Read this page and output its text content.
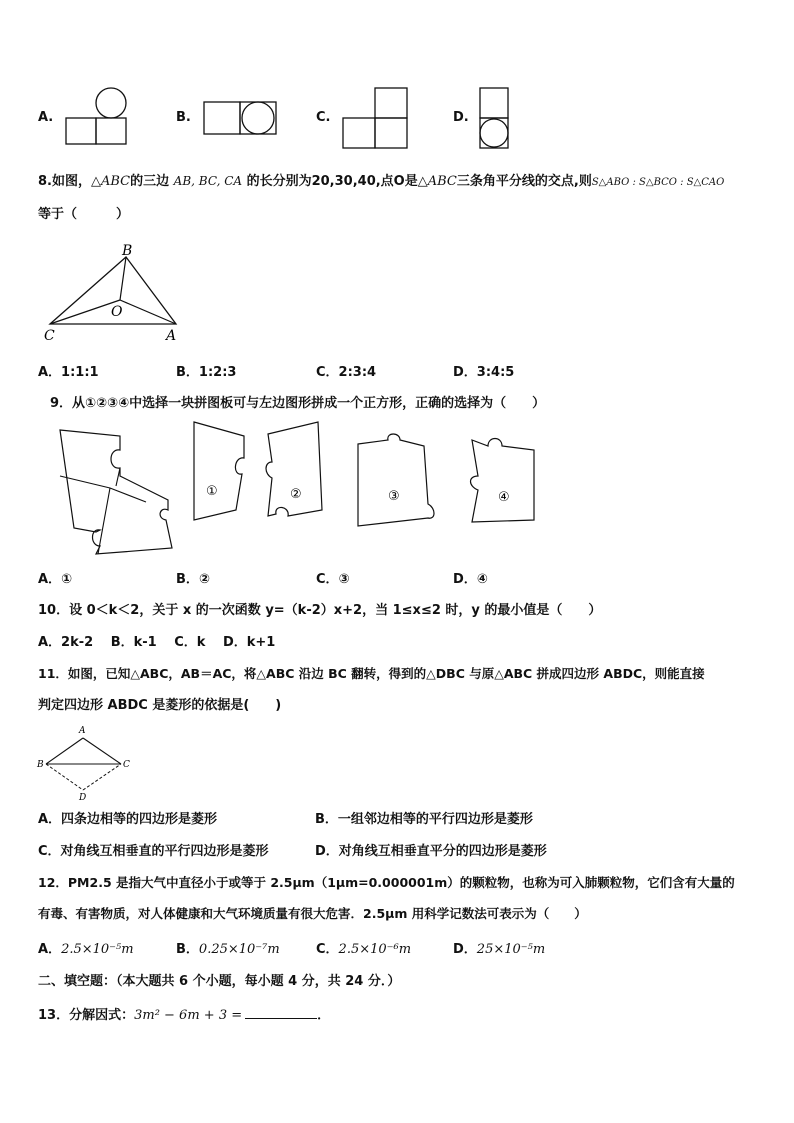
A.	B.	C.	D.
8.如图，△ABC的三边 AB, BC, CA 的长分别为20,30,40,点O是△ABC三条角平分线的交点,则S△ABO : S△BCO : S△CAO
等于（　　　）
B
O
C	A
A．1:1:1	B．1:2:3	C．2:3:4	D．3:4:5
9．从①②③④中选择一块拼图板可与左边图形拼成一个正方形，正确的选择为（　　）
①	②	③	④
A．①	B．②	C．③	D．④
10．设 0＜k＜2，关于 x 的一次函数 y=（k-2）x+2，当 1≤x≤2 时，y 的最小值是（　　）
A．2k-2　 B．k-1　 C．k　 D．k+1
11．如图，已知△ABC，AB＝AC，将△ABC 沿边 BC 翻转，得到的△DBC 与原△ABC 拼成四边形 ABDC，则能直接
判定四边形 ABDC 是菱形的依据是(　　)
A
B	C
D
A．四条边相等的四边形是菱形	B．一组邻边相等的平行四边形是菱形
C．对角线互相垂直的平行四边形是菱形	D．对角线互相垂直平分的四边形是菱形
12．PM2.5 是指大气中直径小于或等于 2.5μm（1μm=0.000001m）的颗粒物，也称为可入肺颗粒物，它们含有大量的
有毒、有害物质，对人体健康和大气环境质量有很大危害．2.5μm 用科学记数法可表示为（　　）
A．2.5×10⁻⁵m	B．0.25×10⁻⁷m	C．2.5×10⁻⁶m	D．25×10⁻⁵m
二、填空题：（本大题共 6 个小题，每小题 4 分，共 24 分．）
13．分解因式：3m² − 6m + 3 =	．
